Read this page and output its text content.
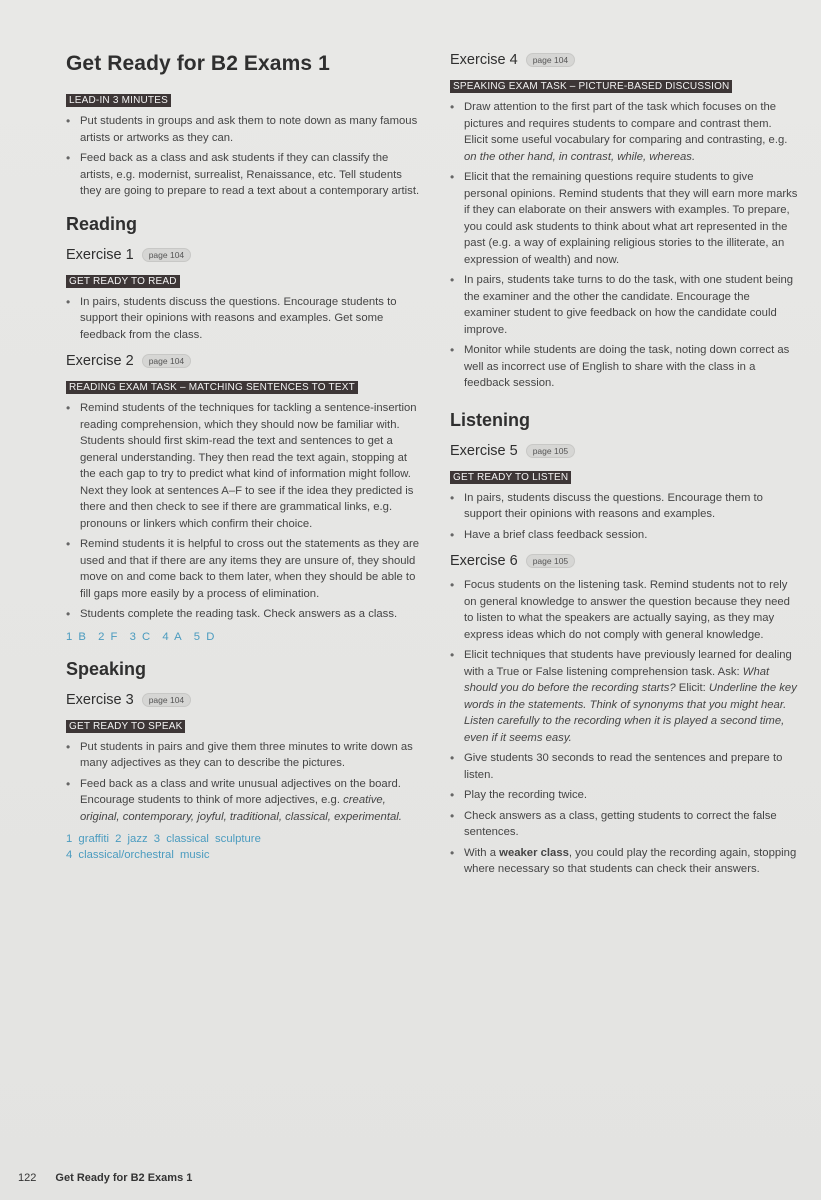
Get Ready for B2 Exams 1
LEAD-IN 3 MINUTES
• Put students in groups and ask them to note down as many famous artists or artworks as they can.
• Feed back as a class and ask students if they can classify the artists, e.g. modernist, surrealist, Renaissance, etc. Tell students they are going to prepare to read a text about a contemporary artist.
Reading
Exercise 1	page 104
GET READY TO READ
• In pairs, students discuss the questions. Encourage students to support their opinions with reasons and examples. Get some feedback from the class.
Exercise 2	page 104
READING EXAM TASK – MATCHING SENTENCES TO TEXT
• Remind students of the techniques for tackling a sentence-insertion reading comprehension, which they should now be familiar with. Students should first skim-read the text and sentences to get a general understanding. They then read the text again, stopping at the each gap to try to predict what kind of information might follow. Next they look at sentences A–F to see if the idea they predicted is there and then check to see if there are grammatical links, e.g. pronouns or linkers which confirm their choice.
• Remind students it is helpful to cross out the statements as they are used and that if there are any items they are unsure of, they should move on and come back to them later, when they should be able to fill gaps more easily by a process of elimination.
• Students complete the reading task. Check answers as a class.
1 B 2 F 3 C 4 A 5 D
Speaking
Exercise 3	page 104
GET READY TO SPEAK
• Put students in pairs and give them three minutes to write down as many adjectives as they can to describe the pictures.
• Feed back as a class and write unusual adjectives on the board. Encourage students to think of more adjectives, e.g. creative, original, contemporary, joyful, traditional, classical, experimental.
1 graffiti 2 jazz 3 classical sculpture
4 classical/orchestral music
Exercise 4	page 104
SPEAKING EXAM TASK – PICTURE-BASED DISCUSSION
• Draw attention to the first part of the task which focuses on the pictures and requires students to compare and contrast them. Elicit some useful vocabulary for comparing and contrasting, e.g. on the other hand, in contrast, while, whereas.
• Elicit that the remaining questions require students to give personal opinions. Remind students that they will earn more marks if they can elaborate on their answers with examples. To prepare, you could ask students to think about what art represented in the past (e.g. a way of explaining religious stories to the illiterate, an expression of wealth) and now.
• In pairs, students take turns to do the task, with one student being the examiner and the other the candidate. Encourage the examiner student to give feedback on how the candidate could improve.
• Monitor while students are doing the task, noting down correct as well as incorrect use of English to share with the class in a feedback session.
Listening
Exercise 5	page 105
GET READY TO LISTEN
• In pairs, students discuss the questions. Encourage them to support their opinions with reasons and examples.
• Have a brief class feedback session.
Exercise 6	page 105
• Focus students on the listening task. Remind students not to rely on general knowledge to answer the question because they need to listen to what the speakers are actually saying, as they may express ideas which do not comply with general knowledge.
• Elicit techniques that students have previously learned for dealing with a True or False listening comprehension task. Ask: What should you do before the recording starts? Elicit: Underline the key words in the statements. Think of synonyms that you might hear. Listen carefully to the recording when it is played a second time, even if it seems easy.
• Give students 30 seconds to read the sentences and prepare to listen.
• Play the recording twice.
• Check answers as a class, getting students to correct the false sentences.
• With a weaker class, you could play the recording again, stopping where necessary so that students can check their answers.
122 Get Ready for B2 Exams 1
